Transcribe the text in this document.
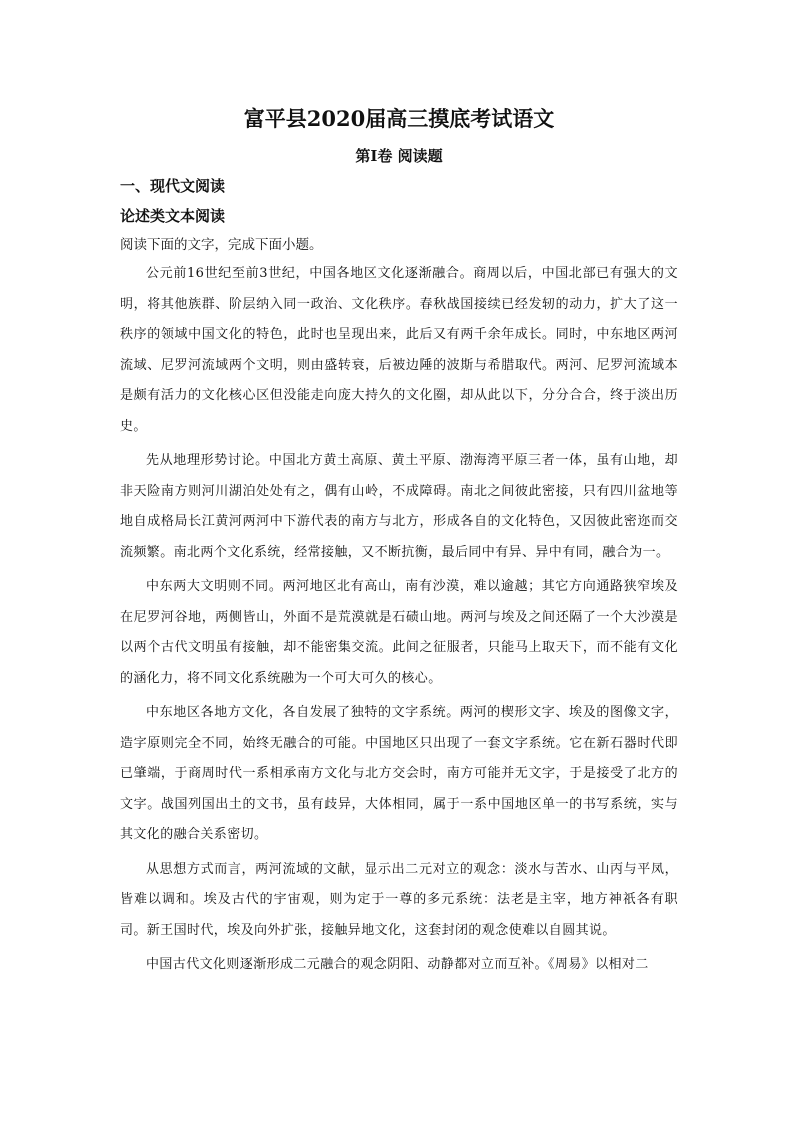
富平县2020届高三摸底考试语文
第Ⅰ卷 阅读题
一、现代文阅读
论述类文本阅读
阅读下面的文字，完成下面小题。

公元前16世纪至前3世纪，中国各地区文化逐渐融合。商周以后，中国北部已有强大的文明，将其他族群、阶层纳入同一政治、文化秩序。春秋战国接续已经发轫的动力，扩大了这一秩序的领域中国文化的特色，此时也呈现出来，此后又有两千余年成长。同时，中东地区两河流域、尼罗河流域两个文明，则由盛转衰，后被边陲的波斯与希腊取代。两河、尼罗河流域本是颇有活力的文化核心区但没能走向庞大持久的文化圈，却从此以下，分分合合，终于淡出历史。

先从地理形势讨论。中国北方黄土高原、黄土平原、渤海湾平原三者一体，虽有山地，却非天险南方则河川湖泊处处有之，偶有山岭，不成障碍。南北之间彼此密接，只有四川盆地等地自成格局长江黄河两河中下游代表的南方与北方，形成各自的文化特色，又因彼此密迩而交流频繁。南北两个文化系统，经常接触，又不断抗衡，最后同中有异、异中有同，融合为一。

中东两大文明则不同。两河地区北有高山，南有沙漠，难以逾越；其它方向通路狭窄埃及在尼罗河谷地，两侧皆山，外面不是荒漠就是石碛山地。两河与埃及之间还隔了一个大沙漠是以两个古代文明虽有接触，却不能密集交流。此间之征服者，只能马上取天下，而不能有文化的涵化力，将不同文化系统融为一个可大可久的核心。

中东地区各地方文化，各自发展了独特的文字系统。两河的楔形文字、埃及的图像文字，造字原则完全不同，始终无融合的可能。中国地区只出现了一套文字系统。它在新石器时代即已肇端，于商周时代一系相承南方文化与北方交会时，南方可能并无文字，于是接受了北方的文字。战国列国出土的文书，虽有歧异，大体相同，属于一系中国地区单一的书写系统，实与其文化的融合关系密切。

从思想方式而言，两河流域的文献，显示出二元对立的观念：淡水与苦水、山丙与平凤，皆难以调和。埃及古代的宇宙观，则为定于一尊的多元系统：法老是主宰，地方神祇各有职司。新王国时代，埃及向外扩张，接触异地文化，这套封闭的观念使难以自圆其说。

中国古代文化则逐渐形成二元融合的观念阴阳、动静都对立而互补。《周易》以相对二
